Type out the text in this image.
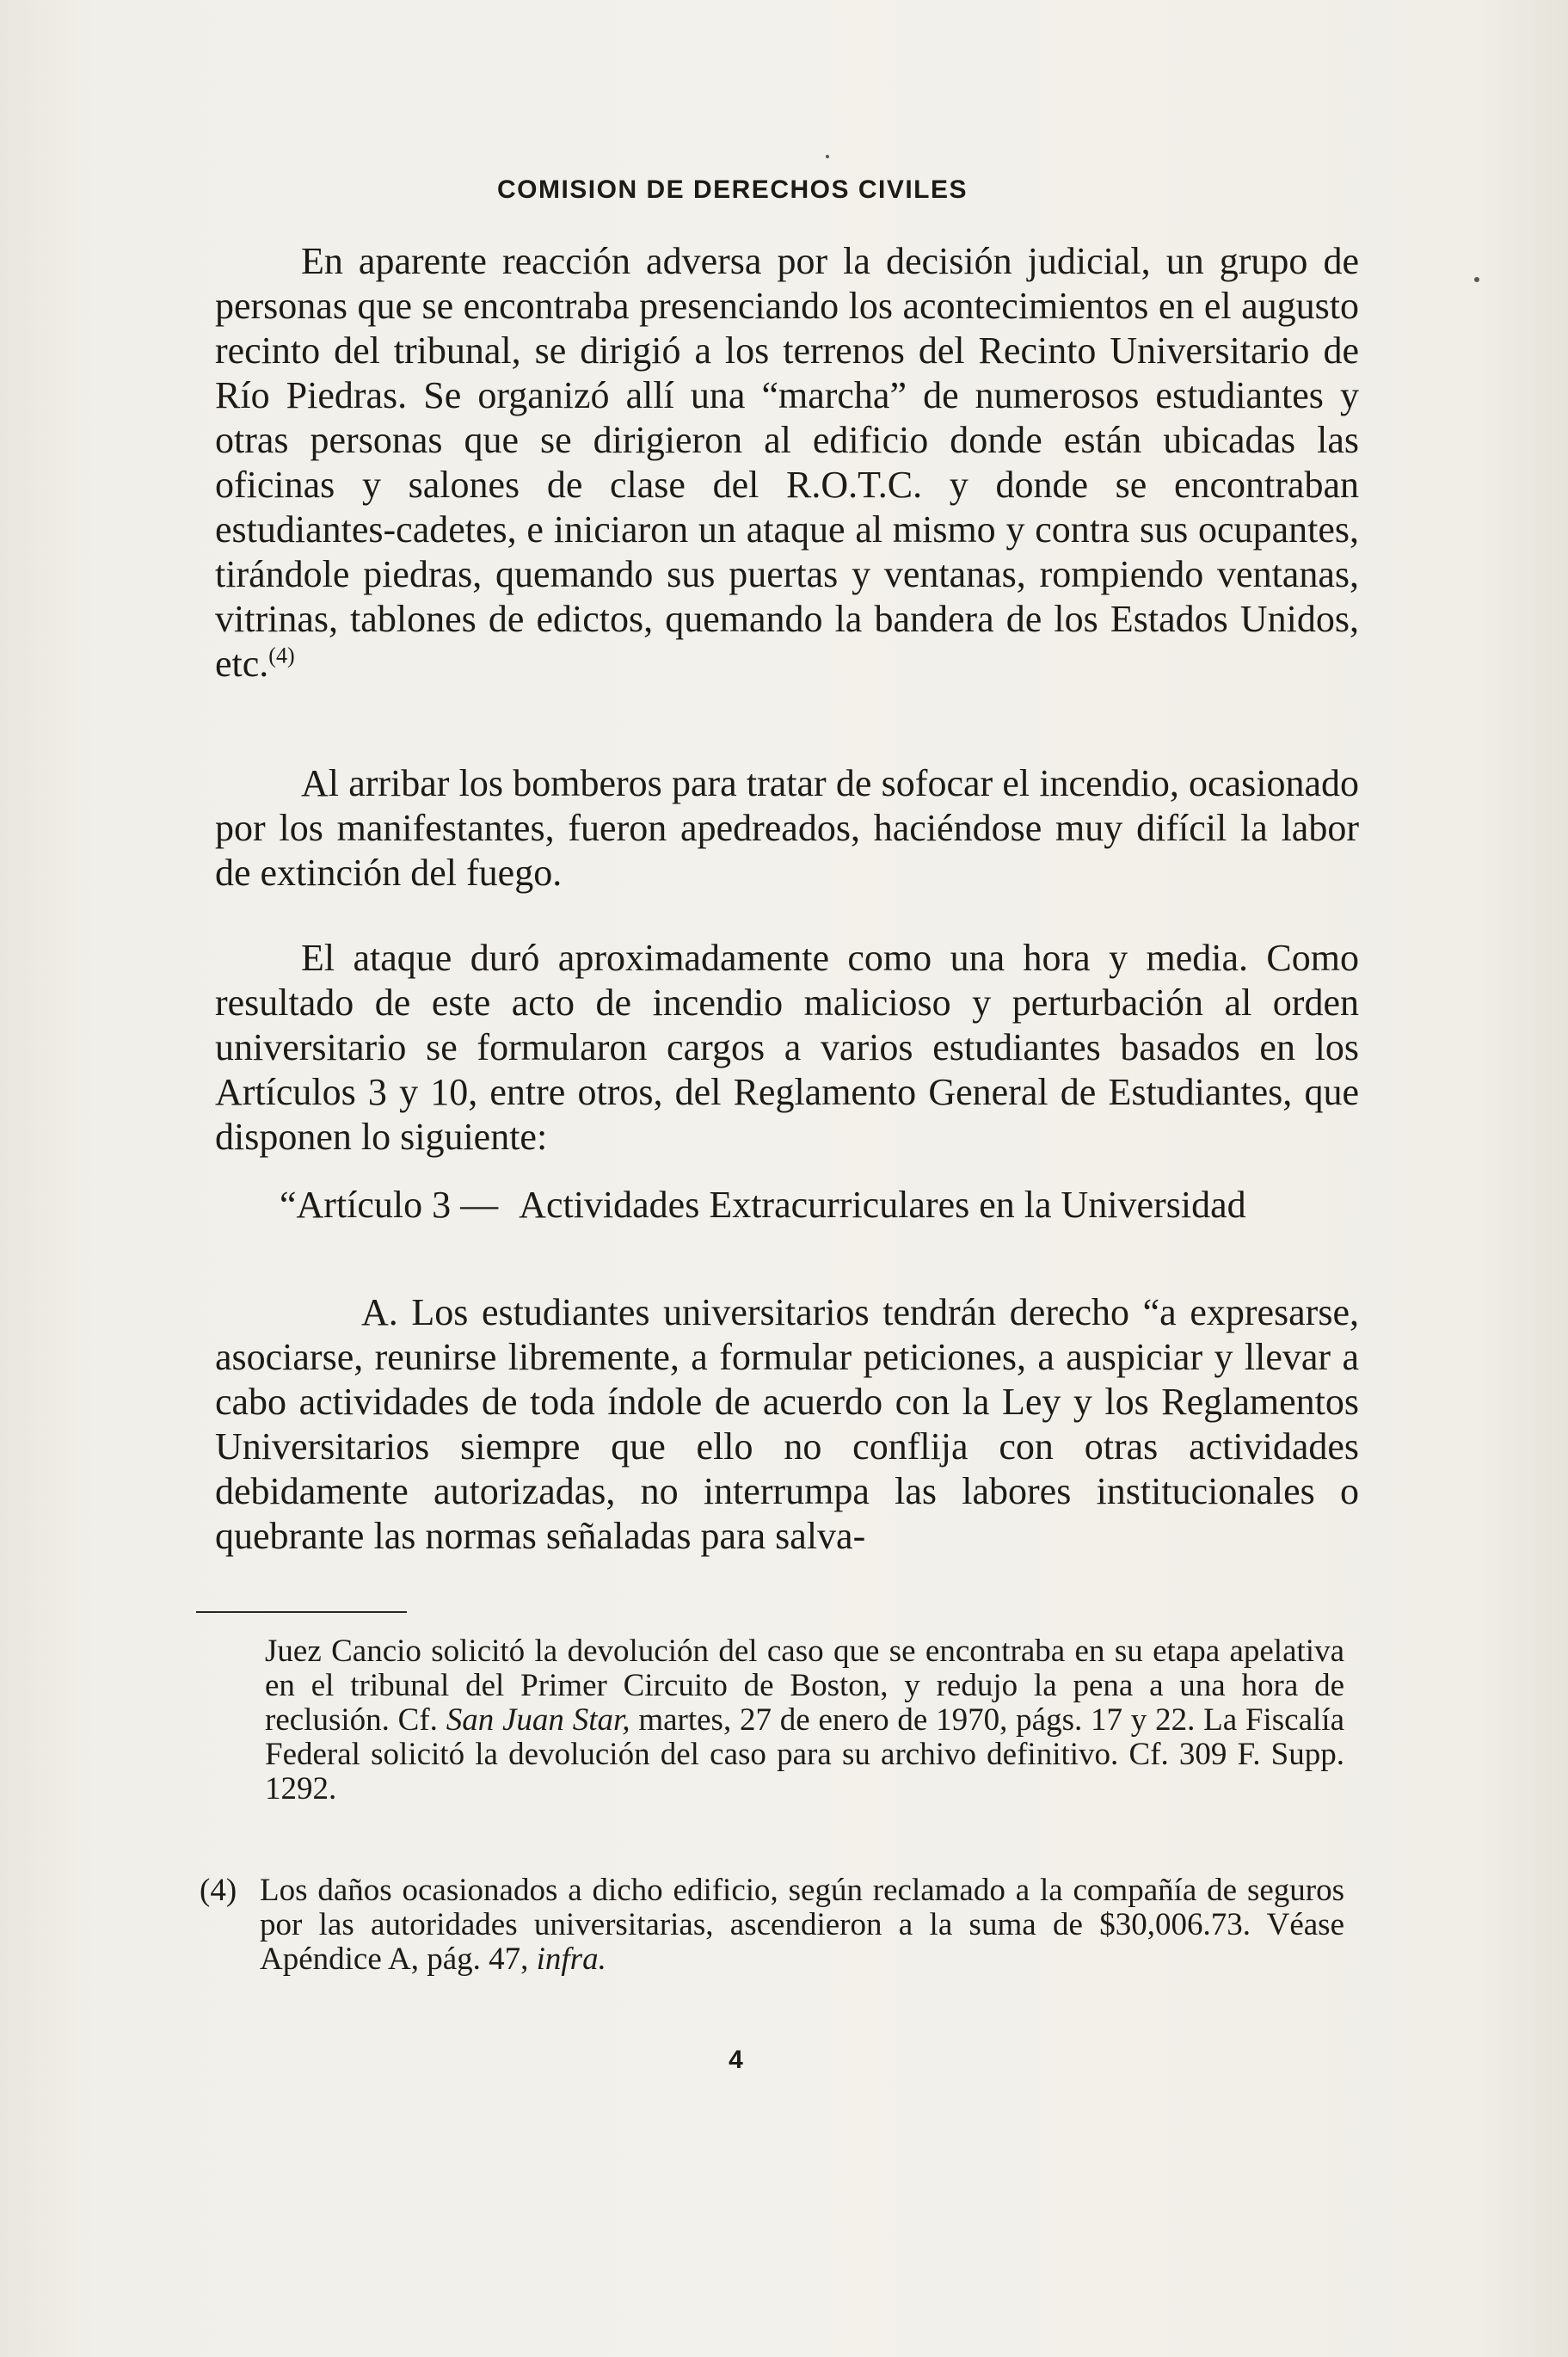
COMISION DE DERECHOS CIVILES

En aparente reacción adversa por la decisión judicial, un grupo de personas que se encontraba presenciando los acontecimientos en el augusto recinto del tribunal, se dirigió a los terrenos del Recinto Universitario de Río Piedras. Se organizó allí una “marcha” de numerosos estudiantes y otras personas que se dirigieron al edificio donde están ubicadas las oficinas y salones de clase del R.O.T.C. y donde se encontraban estudiantes-cadetes, e iniciaron un ataque al mismo y contra sus ocupantes, tirándole piedras, quemando sus puertas y ventanas, rompiendo ventanas, vitrinas, tablones de edictos, quemando la bandera de los Estados Unidos, etc.$^{(4)}$

Al arribar los bomberos para tratar de sofocar el incendio, ocasionado por los manifestantes, fueron apedreados, haciéndose muy difícil la labor de extinción del fuego.

El ataque duró aproximadamente como una hora y media. Como resultado de este acto de incendio malicioso y perturbación al orden universitario se formularon cargos a varios estudiantes basados en los Artículos 3 y 10, entre otros, del Reglamento General de Estudiantes, que disponen lo siguiente:

“Artículo 3 — Actividades Extracurriculares en la Universidad

A. Los estudiantes universitarios tendrán derecho “a expresarse, asociarse, reunirse libremente, a formular peticiones, a auspiciar y llevar a cabo actividades de toda índole de acuerdo con la Ley y los Reglamentos Universitarios siempre que ello no conflija con otras actividades debidamente autorizadas, no interrumpa las labores institucionales o quebrante las normas señaladas para salva-

Juez Cancio solicitó la devolución del caso que se encontraba en su etapa apelativa en el tribunal del Primer Circuito de Boston, y redujo la pena a una hora de reclusión. Cf. San Juan Star, martes, 27 de enero de 1970, págs. 17 y 22. La Fiscalía Federal solicitó la devolución del caso para su archivo definitivo. Cf. 309 F. Supp. 1292.

(4) Los daños ocasionados a dicho edificio, según reclamado a la compañía de seguros por las autoridades universitarias, ascendieron a la suma de $30,006.73. Véase Apéndice A, pág. 47, infra.
4
